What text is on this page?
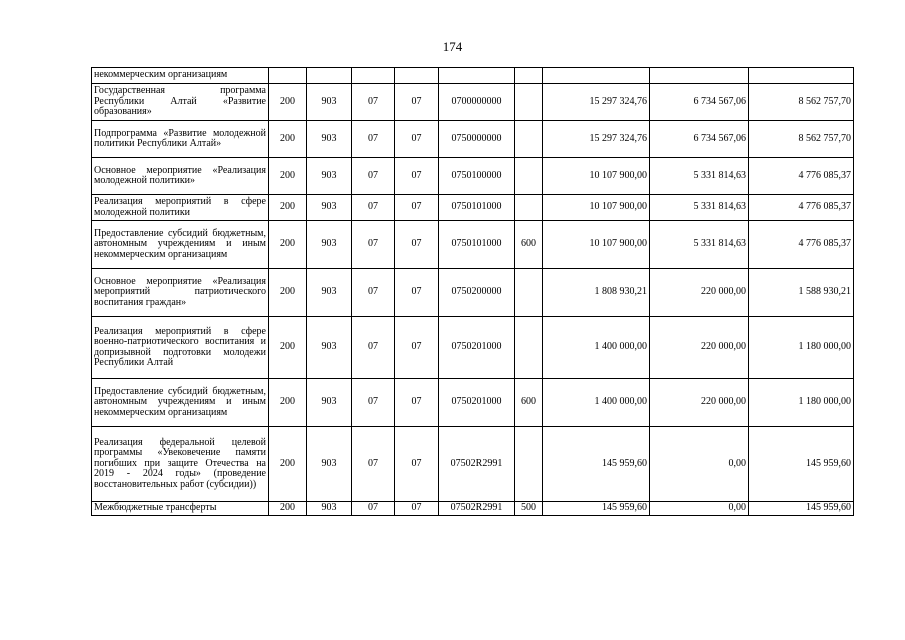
174
некоммерческим организациям									
Государственная программа Республики Алтай «Развитие образования»	200	903	07	07	0700000000		15 297 324,76	6 734 567,06	8 562 757,70
Подпрограмма «Развитие молодежной политики Республики Алтай»	200	903	07	07	0750000000		15 297 324,76	6 734 567,06	8 562 757,70
Основное мероприятие «Реализация молодежной политики»	200	903	07	07	0750100000		10 107 900,00	5 331 814,63	4 776 085,37
Реализация мероприятий в сфере молодежной политики	200	903	07	07	0750101000		10 107 900,00	5 331 814,63	4 776 085,37
Предоставление субсидий бюджетным, автономным учреждениям и иным некоммерческим организациям	200	903	07	07	0750101000	600	10 107 900,00	5 331 814,63	4 776 085,37
Основное мероприятие «Реализация мероприятий патриотического воспитания граждан»	200	903	07	07	0750200000		1 808 930,21	220 000,00	1 588 930,21
Реализация мероприятий в сфере военно-патриотического воспитания и допризывной подготовки молодежи Республики Алтай	200	903	07	07	0750201000		1 400 000,00	220 000,00	1 180 000,00
Предоставление субсидий бюджетным, автономным учреждениям и иным некоммерческим организациям	200	903	07	07	0750201000	600	1 400 000,00	220 000,00	1 180 000,00
Реализация федеральной целевой программы «Увековечение памяти погибших при защите Отечества на 2019 - 2024 годы» (проведение восстановительных работ (субсидии))	200	903	07	07	07502R2991		145 959,60	0,00	145 959,60
Межбюджетные трансферты	200	903	07	07	07502R2991	500	145 959,60	0,00	145 959,60
